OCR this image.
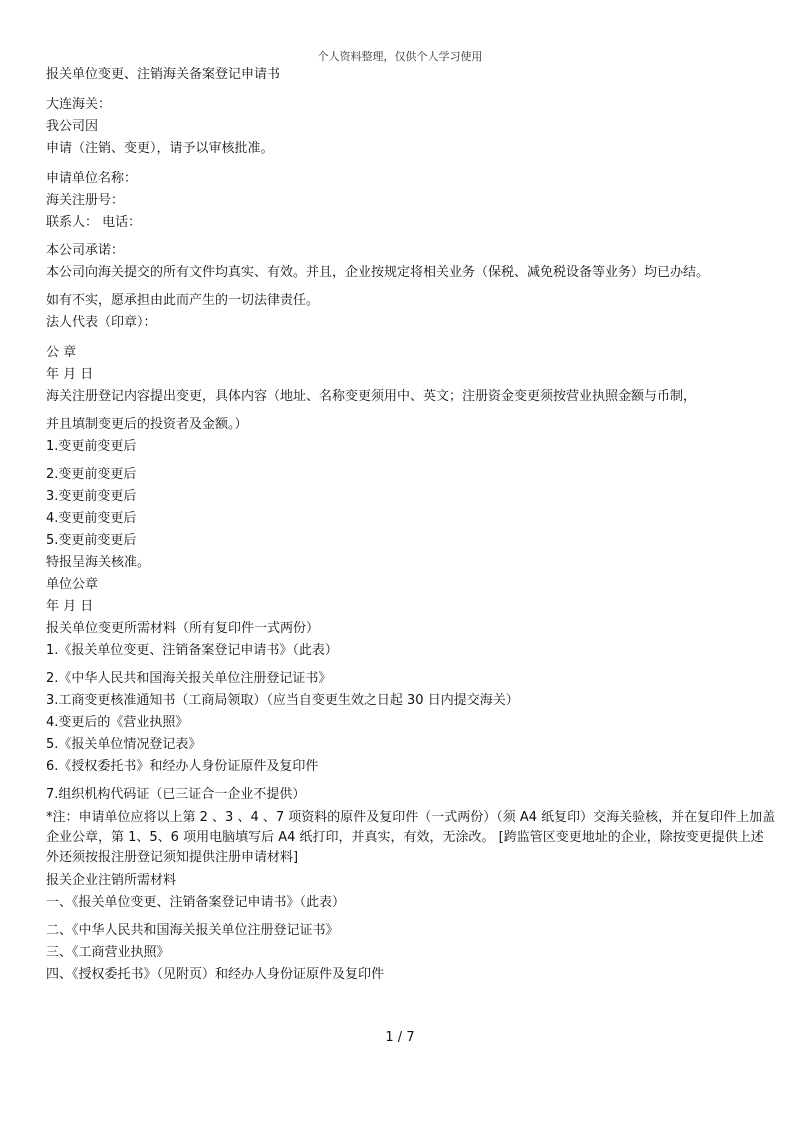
个人资料整理，仅供个人学习使用
报关单位变更、注销海关备案登记申请书
大连海关：
我公司因
申请（注销、变更），请予以审核批准。
申请单位名称：
海关注册号：
联系人： 电话：
本公司承诺：
本公司向海关提交的所有文件均真实、有效。并且，企业按规定将相关业务（保税、减免税设备等业务）均已办结。
如有不实，愿承担由此而产生的一切法律责任。
法人代表（印章）：
公 章
年 月 日
海关注册登记内容提出变更，具体内容（地址、名称变更须用中、英文；注册资金变更须按营业执照金额与币制，
并且填制变更后的投资者及金额。）
1.变更前变更后
2.变更前变更后
3.变更前变更后
4.变更前变更后
5.变更前变更后
特报呈海关核准。
单位公章
年 月 日
报关单位变更所需材料（所有复印件一式两份）
1.《报关单位变更、注销备案登记申请书》（此表）
2.《中华人民共和国海关报关单位注册登记证书》
3.工商变更核准通知书（工商局领取）（应当自变更生效之日起 30 日内提交海关）
4.变更后的《营业执照》
5.《报关单位情况登记表》
6.《授权委托书》和经办人身份证原件及复印件
7.组织机构代码证（已三证合一企业不提供）
*注：申请单位应将以上第 2 、3 、4 、7 项资料的原件及复印件（一式两份）（须 A4 纸复印）交海关验核，并在复印件上加盖企业公章，第 1、5、6 项用电脑填写后 A4 纸打印，并真实，有效，无涂改。 [跨监管区变更地址的企业，除按变更提供上述外还须按报注册登记须知提供注册申请材料]
报关企业注销所需材料
一、《报关单位变更、注销备案登记申请书》（此表）
二、《中华人民共和国海关报关单位注册登记证书》
三、《工商营业执照》
四、《授权委托书》（见附页）和经办人身份证原件及复印件
1 / 7
